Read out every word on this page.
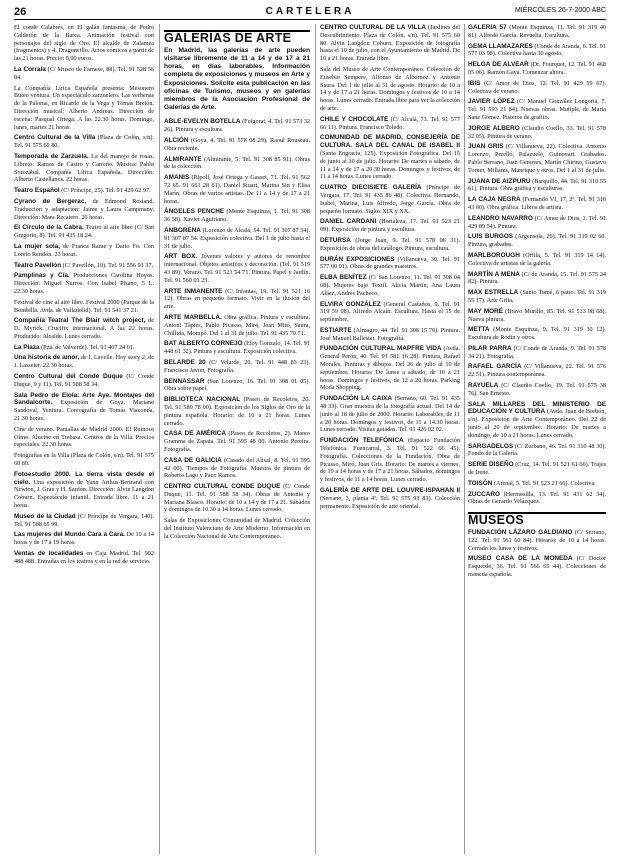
26	CARTELERA	MIÉRCOLES 26-7-2000 ABC

El conde Calabrés, en El galán fantasma, de Pedro Calderón de la Barca. Animación festival con personajes del siglo de Oro. El alcalde de Zalamea (fragmentos) y 4. Dragoncillo. Actos cómicos a partir de las 21 horas. Precio: 5,00 euros.

La Corrala (C/ Museo de Farnese, 88). Tel. 91 528 56 84.

La Compañía Lírica Española presenta: Mesonero Buteo ventura. Un espectáculo zarzuelero. Las verbenas de la Paloma, en Ricardo de la Vega y Tomás Bretón. Dirección musical: Alberto Andreas. Dirección de escena: Pasqual Ortega. A las 22.30 horas. Domingo, lunes, martes 21 horas.

Centro Cultural de la Villa (Plaza de Colón, s/n). Tel. 91 575 60 80.

Temporada de Zarzuela. La del manojo de rosas. Libreto: Ramos de Castro y Carreño. Música: Pablo Sorozábal. Compañía Lírica Española. Dirección: Alberto Castellanos. 22 horas.

Teatro Español (C/ Príncipe, 25). Tel. 91 429 62 97.

Cyrano de Bergerac, de Edmond Rostand. Traducción y adaptación: Jaime y Laura Campmany. Dirección: Mara Recatero. 20 horas.

El Círculo de la Cabra. Teatro al aire libre (C/ San Gregorio, 8). Tel. 91 435 18 24.

La mujer sola, de Franca Rame y Dario Fo. Con Loreto Rendón. 23 horas.

Teatro Pavellón (C/ Pavellón, 10). Tel. 91 556 91 37.

Pamplinas y Cía. Producciones Carolina Hoyos. Dirección: Miguel Narros. Con Isabel Pisano, 5 L. 22.30 horas.

Festival de cine al aire libre. Festival 2000 (Parque de la Bombilla. Avda. de Valladolid). Tel. 91 541 37 21.

Compañía Teatral The Blair witch project, de D. Myrick. Crucifix internacional. A las 22 horas. Producido: Alcalde. Lunes cerrado.

La Plaza (Pza. de Valverde). Tel. 91 467 24 01.

Una historia de amor, de J. Lavelle. Hoy story 2, de J. Lasseter. 22.30 horas.

Centro Cultural del Conde Duque (C/ Conde Duque, 9 y 11). Tel. 91 588 58 34.

Sala Pedro de Elola: Arte Aye. Montajes del Sandalcorte. Exposición de Goya. Mariano Sandoval, Ventura. Coreografía de Tomás Viaconda. 21.30 horas.

Cine de verano. Pantallas de Madrid 2000. El Ruinoso Olmo. Alucine en Trebasa. Centros de la Villa. Precios especiales. 22.30 horas.

Fotografías en la Villa (Plaza de Colón, s/n). Tel. 91 575 60 80.

Fotoestudio 2000. La tierra vista desde el cielo. Una exposición de Yann Arthus-Bertrand con Newton, J. Grau y H. Sardón. Dirección: Alvin Langdon Coburn. Espectáculo infantil. Entrada libre. 11 a 21 horas.

Museo de la Ciudad (C/ Príncipe de Vergara, 140). Tel. 91 588 65 99.

Las mujeres del Mundo Cara a Cara. De 10 a 14 horas y de 17 a 19 horas.

Ventas de localidades en Caja Madrid. Tel. 902 488 488. Entradas en los teatros y en la red de servicio.

GALERÍAS DE ARTE
En Madrid, las galerías de arte pueden visitarse libremente de 11 a 14 y de 17 a 21 horas, en días laborables. Información completa de exposiciones y museos en Arte y Exposiciones. Solicite esta publicación en las oficinas de Turismo, museos y en galerías miembros de la Asociación Profesional de Galerías de Arte.

ABLE-EVELYN BOTELLA (Fuigorat, 4. Tel. 91 573 32 26). Pintura y escultura.

ALCIÓN (Goya, 4. Tel. 91 578 08 29). Raoul Rouseau. Obra reciente.

ALMIRANTE (Almirante, 5. Tel. 91 308 85 91). Obras de la colección.

AMANIS (Ripoll, José Ortega y Gasset, 71. Tel. 91 562 72 65. 91 661 28 61). Daniel Stuart, Marina Sin y Elisa Marín. Obras de varios artistas. De 11 a 14 y de 17 a 21 horas.

ÁNGELES PENCHE (Monte Esquinza, 1. Tel. 91 308 36 58). Xavier Aguiriano.

ANBORENA (Lorenzo de Alcalá, 54. Tel. 91 307 87 54). 91 307 87 54. Exposición colectiva. Del 1 de julio hasta el 31 de julio.

ART BOX. Jóvenes valores y autores de renombre internacional. Objetos artísticos y decoración. (Tel. 91 519 43 89). Verano. Tel. 91 523 54 71. Pintura. Papel y Jardín. Tel. 91 560 03 23.

ARTE INMANENTE (C/ Infantas, 19. Tel. 91 521 16 12). Obras en pequeño formato. Vivir en la ilusión del arte.

ARTE MARBELLA. Obra gráfica. Pintura y escultura. Antoni Tàpies, Pablo Picasso, Miró, Joan Miró, Saura, Chillida, Mompó. Del 1 al 31 de julio. Tel. 91 435 70 71.

BAT ALBERTO CORNEJO (Eloy Gonzalo, 14. Tel. 91 448 61 32). Pintura y escultura. Exposición colectiva.

BELARDE 20 (C/ Velarde, 20. Tel. 91 448 83 23). Francisco Javier, Fotografía.

BENNASSAR (San Lorenzo, 16. Tel. 91 308 01 05). Obra sobre papel.

BIBLIOTECA NACIONAL (Paseo de Recoletos, 20. Tel. 91 580 78 00). Exposición de los Siglos de Oro de la pintura española. Horario: de 10 a 21 horas. Lunes cerrado.

CASA DE AMÉRICA (Paseo de Recoletos, 2). Marco Gramma de Zapata. Tel. 91 595 48 00. Antonio Pereira. Fotografía.

CASA DE GALICIA (Casado del Alisal, 8. Tel. 91 595 42 00). Tiempos de Fotografía. Muestra de pintura de Roberto Lago y Paco Ramos.

CENTRO CULTURAL CONDE DUQUE (C/ Conde Duque, 11. Tel. 91 588 58 34). Obras de Antonio y Mariana Blasco. Horario: de 10 a 14 y de 17 a 21. Sábados y domingos de 10.30 a 14 horas. Lunes cerrado.

Salas de Exposiciones Comunidad de Madrid. Colección del Instituto Valenciano de Arte Moderno. Información en la Colección Nacional de Arte Contemporáneo.

CENTRO CULTURAL DE LA VILLA (Jardines del Descubrimiento. Plaza de Colón, s/n). Tel. 91 575 60 80. Alvin Langdon Coburn. Exposición de fotografía hasta el 10 de julio, con el Ayuntamiento de Madrid. De 10 a 21 horas. Entrada libre.

Sala del Museo de Arte Contemporáneo. Colección de Eusebio Sempere, Alfonso de Albornoz y Antonio Saura. Del 1 de julio al 31 de agosto. Horario: de 10 a 14 y de 17 a 21 horas. Domingos y festivos de 10 a 14 horas. Lunes cerrado. Entrada libre para ver la colección de arte.

CHILE Y CHOCOLATE (C/ Alcalá, 73. Tel. 91 577 66 11). Pintura. Francisco Toledo.

COMUNIDAD DE MADRID, CONSEJERÍA DE CULTURA. SALA DEL CANAL DE ISABEL II (Santa Engracia, 125). Exposición Fotográfica. Del 15 de junio al 30 de julio. Horario: De martes a sábado, de 11 a 14 y de 17 a 20.30 horas. Domingos y festivos, de 11 a 14 horas. Lunes cerrado.

CUATRO DIECISIETE GALERÍA (Príncipe de Vergara, 17. Tel. 91 435 86 48). Colectiva. Hernando, Isabel, Marina, Luis Alfredo, Jorge García. Obra de pequeño formato. Siglos XIX y XX.

DANIEL CARDANI (Hortaleza, 17. Tel. 91 523 21 09). Exposición de pintura y escultura.

DETURSA (Jorge Juan, 9. Tel. 91 578 06 31). Exposición de obras del catálogo. Pintura, escultura.

DURÁN EXPOSICIONES (Villanueva, 30. Tel. 91 577 60 91). Obras de grandes maestros.

ELBA BENÍTEZ (C/ San Lorenzo, 11. Tel. 91 308 04 68). Mujeres bajo Textil. Alicia Martín, Ana Laura Aláez, Andrés Pacheco.

ELVIRA GONZÁLEZ (General Castaños, 9. Tel. 91 319 59 08). Alfredo Alcaín. Escultura. Hasta el 15 de septiembre.

ESTIARTE (Almagro, 44. Tel. 91 308 15 70). Pintura. José Manuel Ballester. Fotografía.

FUNDACIÓN CULTURAL MAPFRE VIDA (Avda. General Perón, 40. Tel. 91 581 16 28). Pintura, Rafael Morales. Pinturas y dibujos. Del 26 de julio al 10 de septiembre. Horario: De lunes a sábado, de 10 a 21 horas. Domingos y festivos, de 12 a 20 horas. Parking Moda Shopping.

FUNDACIÓN LA CAIXA (Serrano, 60. Tel. 91 435 48 33). Gran muestra de la fotografía actual. Del 14 de junio al 18 de julio de 2000. Horario: Laborables, de 11 a 20 horas. Domingos y festivos, de 11 a 14.30 horas. Lunes cerrado. Visitas guiadas. Tel. 91 426 02 02.

FUNDACIÓN TELEFÓNICA (Espacio Fundación Telefónica. Fuencarral, 3. Tel. 91 522 66 45). Fotografía. Colecciones de la Fundación. Obra de Picasso, Miró, Juan Gris. Horario: De martes a viernes, de 10 a 14 horas y de 17 a 21 horas. Sábados, domingos y festivos, de 11 a 14 horas. Lunes cerrado.

GALERÍA DE ARTE DEL LOUVRE-ISPAHAN II (Serrano, 3, planta 4ª. Tel. 91 575 93 83). Colección permanente. Exposición de arte oriental.

GALERÍA 57 (Monte Esquinza, 11. Tel. 91 319 40 81). Alfredo García. Revuelta. Escultura.

GEMA LLAMAZARES (Conde de Aranda, 6. Tel. 91 577 03 98). Colectiva hasta 30 agosto.

HELGA DE ALVEAR (Dr. Fourquet, 12. Tel. 91 468 05 06). Ramón Gaya. Comenzar ahora.

IBIS (C/ Amor de Dios, 12. Tel. 91 429 59 67). Colectiva de verano.

JAVIER LÓPEZ (C/ Manuel González Longoria, 7. Tel. 91 593 21 84). Nuevas obras. Mutiple, de Marta Sanz Gómez. Pisteros de grafito.

JORGE ALBERO (Claudio Coello, 33. Tel. 91 578 32 05). Pintura de verano.

JUAN GRIS (C/ Villanueva, 22). Colectiva. Antonio Lorenzo, Perelló, Palazuelo, Guinovart. Grabados. Pablo Serrano, Juan Genovés, Martín Chirino, Gustavo Torner, Millares, Manrique y otros. Del 1 al 31 de julio.

JUANA DE AIZPURU (Barquillo, 44. Tel. 91 310 55 61). Pintura. Obra gráfica y esculturas.

LA CAJA NEGRA (Fernando VI, 17, 2º. Tel. 91 310 43 60). Obra gráfica. Libros de artista.

LEANDRO NAVARRO (C/ Amor de Dios, 1. Tel. 91 429 89 54). Pintura.

LUIS BURGOS (Argensola, 26). Tel. 91 319 02 60. Pintura, grabados.

MARLBOROUGH (Orfila, 5. Tel. 91 319 14 14). Colectiva de artistas de la galería.

MARTÍN A MENA (C/ de Aranda, 15. Tel. 91 575 24 82). Pintura.

MAX ESTRELLA (Santo Tomé, 6 patio. Tel. 91 319 55 17). Arte Grita.

MAY MORÉ (Bravo Murillo, 85. Tel. 91 533 08 68). Nueva pintura.

METTA (Monte Esquinza, 9. Tel. 91 319 30 12). Escultura de Rodin y otros.

PILAR PARRA (C/ Conde de Aranda, 9. Tel. 91 578 34 21). Fotografía.

RAFAEL GARCÍA (C/ Villanueva, 22. Tel. 91 576 22 51). Pintura contemporánea.

RAYUELA (C/ Claudio Coello, 19. Tel. 91 575 38 76). San Ernesto.

SALA MILLARES DEL MINISTERIO DE EDUCACIÓN Y CULTURA (Avda. Juan de Borbón, s/n). Exposición de Arte Contemporáneo. Del 22 de junio al 20 de septiembre. Horario: De martes a domingo, de 10 a 21 horas. Lunes cerrado.

SARGADELOS (C/ Zurbano, 46. Tel. 91 310 48 30). Fondo de la Galería.

SERIE DISEÑO (Cruz, 14. Tel. 91 521 61 66). Trajes de Irene.

TOISÓN (Arenal, 5. Tel. 91 523 21 66). Colectiva.

ZUCCARO (Hermosilla, 13. Tel. 91 431 62 34). Obras de Gerardo Velázquez.

MUSEOS

FUNDACIÓN LÁZARO GALDIANO (C/ Serrano, 122. Tel. 91 561 60 84). Horario: de 10 a 14 horas. Cerrado los lunes y festivos.

MUSEO CASA DE LA MONEDA (C/ Doctor Esquerdo, 36. Tel. 91 566 65 44). Colecciones de moneda española.
